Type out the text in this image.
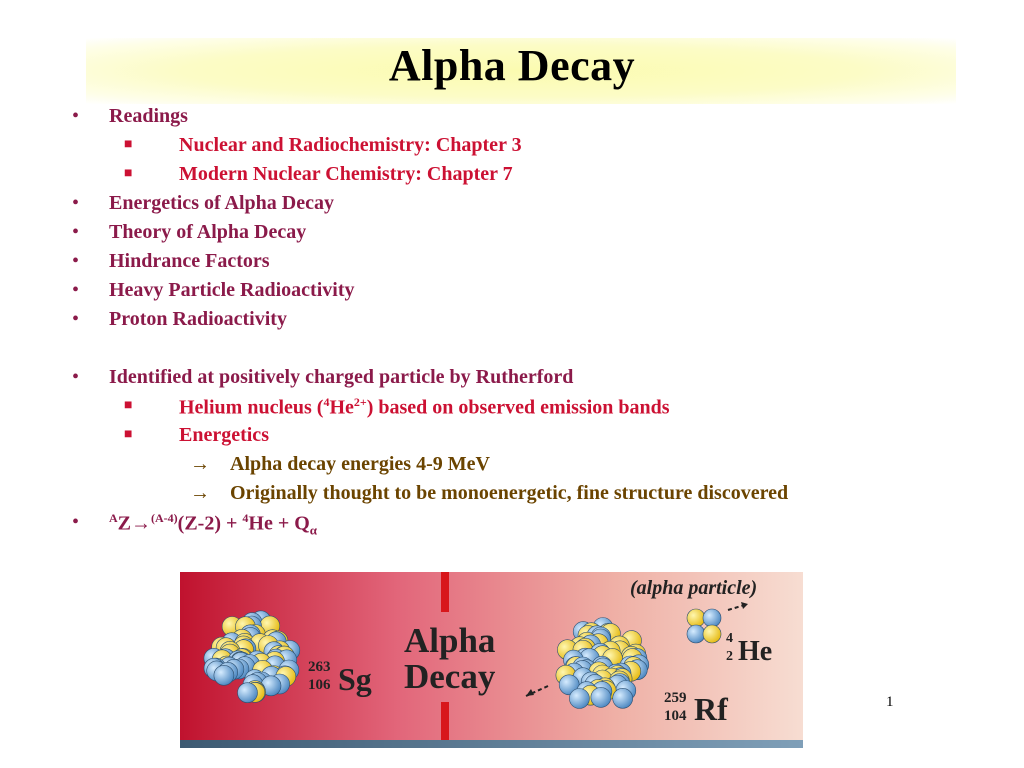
Alpha Decay
• Readings
■ Nuclear and Radiochemistry: Chapter 3
■ Modern Nuclear Chemistry: Chapter 7
• Energetics of Alpha Decay
• Theory of Alpha Decay
• Hindrance Factors
• Heavy Particle Radioactivity
• Proton Radioactivity
• Identified at positively charged particle by Rutherford
■ Helium nucleus $(^4He^{2+})$ based on observed emission bands
■ Energetics
→ Alpha decay energies 4-9 MeV
→ Originally thought to be monoenergetic, fine structure discovered
• $^AZ\to^{(A-4)}(Z-2) + ^4He + Q_\alpha$
Alpha
Decay
(alpha particle)
263
106 Sg
259
104 Rf
4
2 He
1
